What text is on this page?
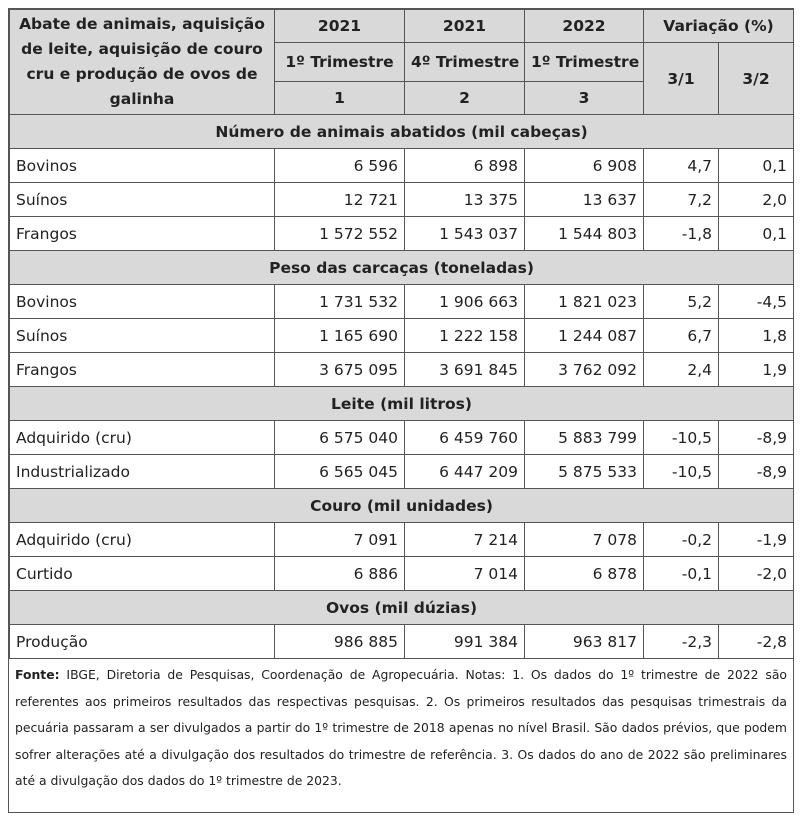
Abate de animais, aquisição de leite, aquisição de couro cru e produção de ovos de galinha	2021	2021	2022	Variação (%)	
	1º Trimestre	4º Trimestre	1º Trimestre	3/1	3/2
	1	2	3		
Número de animais abatidos (mil cabeças)					
Bovinos	6 596	6 898	6 908	4,7	0,1
Suínos	12 721	13 375	13 637	7,2	2,0
Frangos	1 572 552	1 543 037	1 544 803	-1,8	0,1
Peso das carcaças (toneladas)					
Bovinos	1 731 532	1 906 663	1 821 023	5,2	-4,5
Suínos	1 165 690	1 222 158	1 244 087	6,7	1,8
Frangos	3 675 095	3 691 845	3 762 092	2,4	1,9
Leite (mil litros)					
Adquirido (cru)	6 575 040	6 459 760	5 883 799	-10,5	-8,9
Industrializado	6 565 045	6 447 209	5 875 533	-10,5	-8,9
Couro (mil unidades)					
Adquirido (cru)	7 091	7 214	7 078	-0,2	-1,9
Curtido	6 886	7 014	6 878	-0,1	-2,0
Ovos (mil dúzias)					
Produção	986 885	991 384	963 817	-2,3	-2,8
Fonte: IBGE, Diretoria de Pesquisas, Coordenação de Agropecuária. Notas: 1. Os dados do 1º trimestre de 2022 são referentes aos primeiros resultados das respectivas pesquisas. 2. Os primeiros resultados das pesquisas trimestrais da pecuária passaram a ser divulgados a partir do 1º trimestre de 2018 apenas no nível Brasil. São dados prévios, que podem sofrer alterações até a divulgação dos resultados do trimestre de referência. 3. Os dados do ano de 2022 são preliminares até a divulgação dos dados do 1º trimestre de 2023.
